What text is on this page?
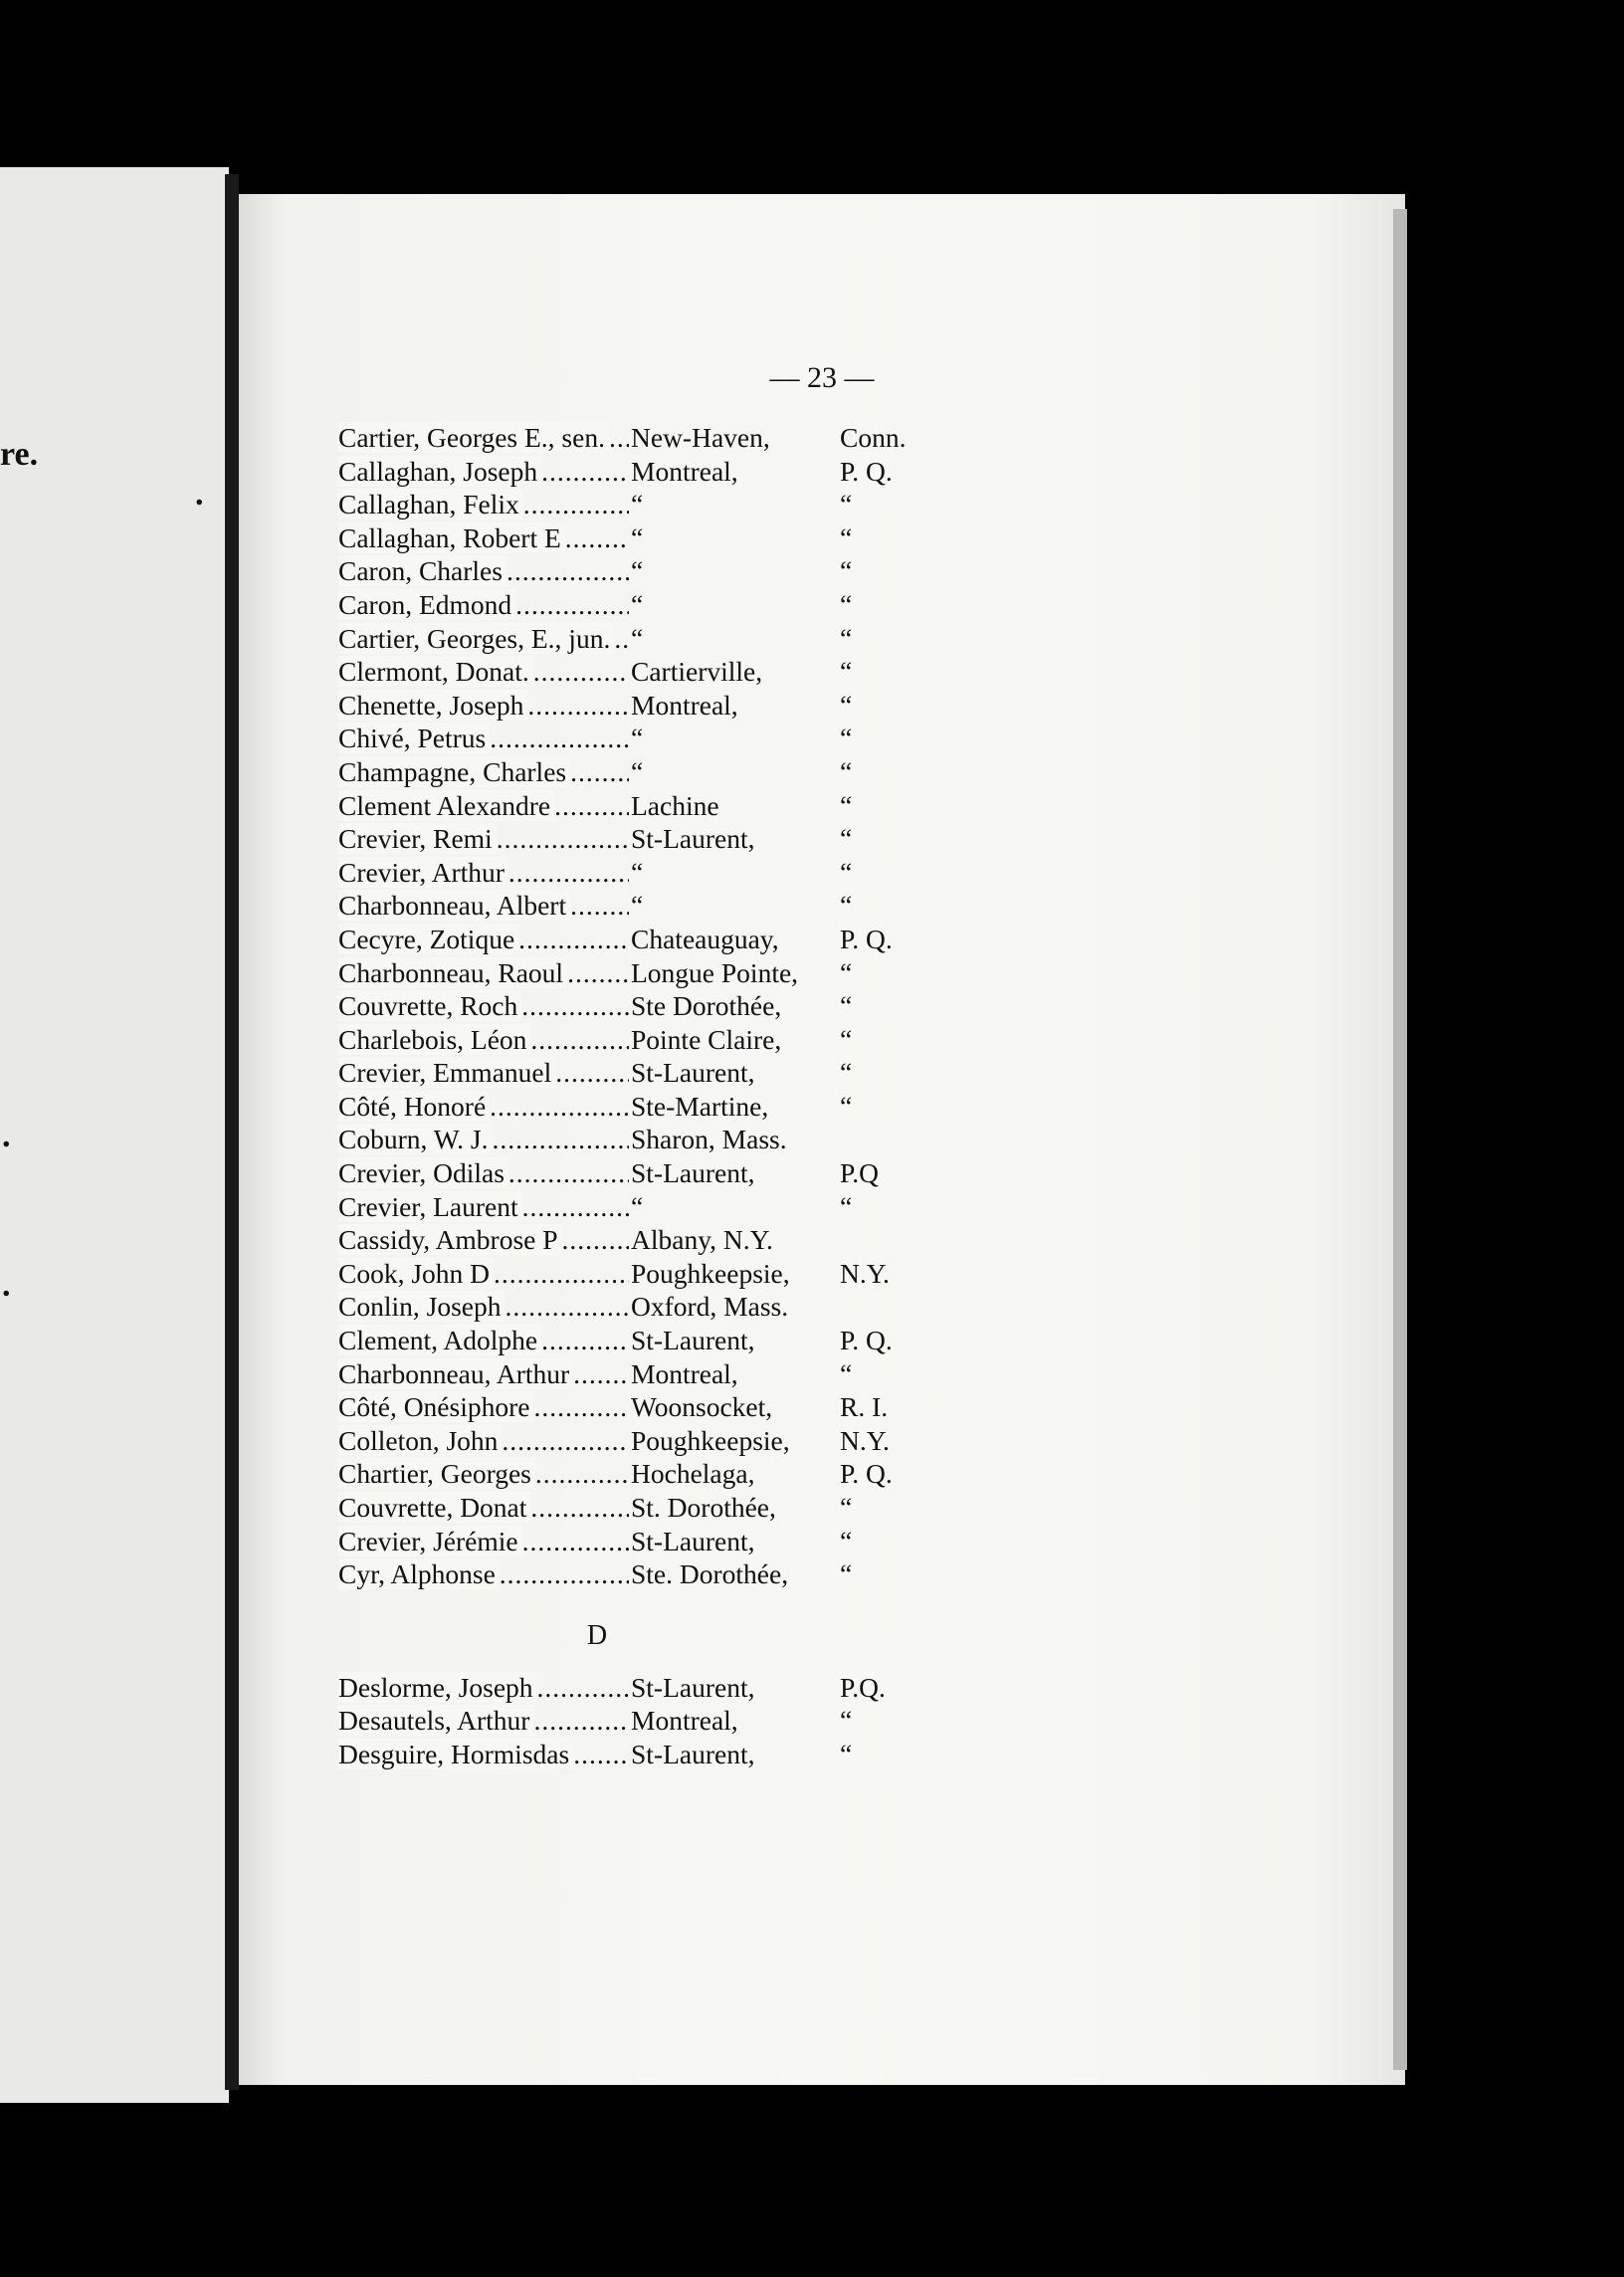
re.
.
.
.
— 23 —
Cartier, Georges E., sen. ..... New-Haven,	Conn.
Callaghan, Joseph .....	Montreal,	P. Q.
Callaghan, Felix .....	“	“
Callaghan, Robert E .....	“	“
Caron, Charles .....	“	“
Caron, Edmond .....	“	“
Cartier, Georges, E., jun. ..... “	“
Clermont, Donat. .....	Cartierville,	“
Chenette, Joseph .....	Montreal,	“
Chivé, Petrus .....	“	“
Champagne, Charles .....	“	“
Clement Alexandre .....	Lachine	“
Crevier, Remi .....	St-Laurent,	“
Crevier, Arthur .....	“	“
Charbonneau, Albert .....	“	“
Cecyre, Zotique .....	Chateauguay,	P. Q.
Charbonneau, Raoul .....	Longue Pointe,	“
Couvrette, Roch .....	Ste Dorothée,	“
Charlebois, Léon .....	Pointe Claire,	“
Crevier, Emmanuel .....	St-Laurent,	“
Côté, Honoré .....	Ste-Martine,	“
Coburn, W. J. .....	Sharon, Mass.
Crevier, Odilas .....	St-Laurent,	P.Q
Crevier, Laurent .....	“	“
Cassidy, Ambrose P .....	Albany, N.Y.
Cook, John D .....	Poughkeepsie,	N.Y.
Conlin, Joseph .....	Oxford, Mass.
Clement, Adolphe .....	St-Laurent,	P. Q.
Charbonneau, Arthur .....	Montreal,	“
Côté, Onésiphore .....	Woonsocket,	R. I.
Colleton, John .....	Poughkeepsie,	N.Y.
Chartier, Georges .....	Hochelaga,	P. Q.
Couvrette, Donat .....	St. Dorothée,	“
Crevier, Jérémie .....	St-Laurent,	“
Cyr, Alphonse .....	Ste. Dorothée,	“
D
Deslorme, Joseph .....	St-Laurent,	P.Q.
Desautels, Arthur .....	Montreal,	“
Desguire, Hormisdas .....	St-Laurent,	“
